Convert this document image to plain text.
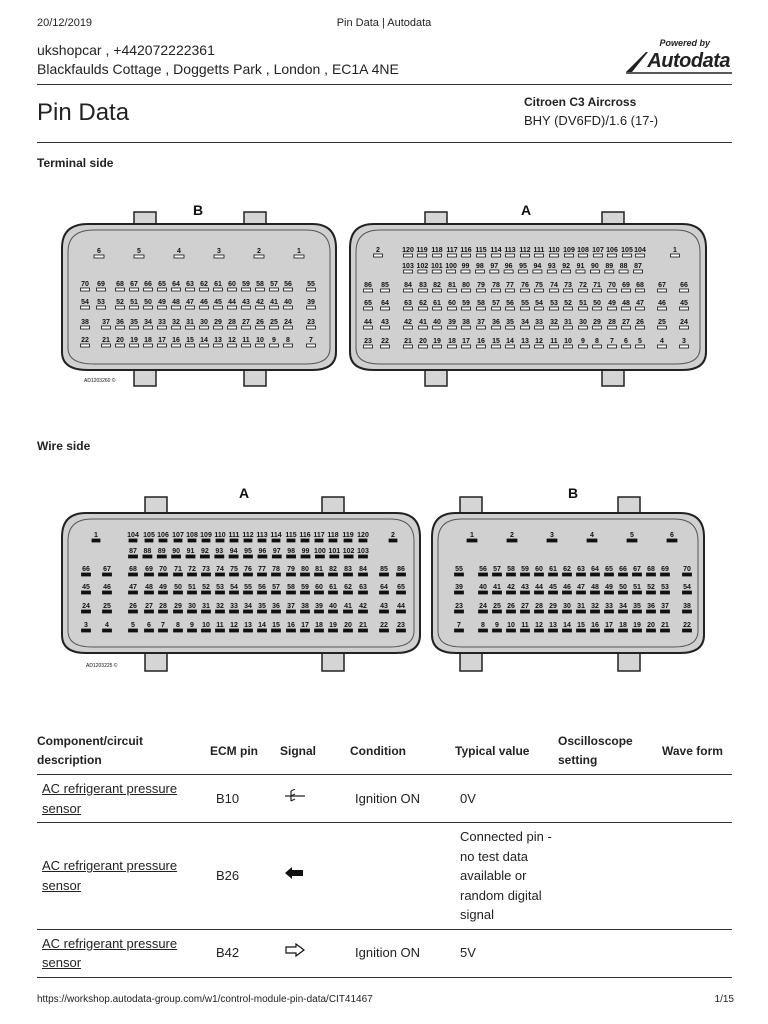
20/12/2019	Pin Data | Autodata
ukshopcar , +442072222361
Blackfaulds Cottage , Doggetts Park , London , EC1A 4NE
Powered by
Autodata
Pin Data	Citroen C3 Aircross
BHY (DV6FD)/1.6 (17-)
Terminal side
B	A
AD1203260 ©
6	5	4	3	2	1
70 69 68 67 66 65 64 63 62 61 60 59 58 57 56 55
54 53 52 51 50 49 48 47 46 45 44 43 42 41 40 39
38 37 36 35 34 33 32 31 30 29 28 27 26 25 24 23
22 21 20 19 18 17 16 15 14 13 12 11 10 9 8	7
2	120 119 118 117 116 115 114 113 112 111 110 109 108 107 106 105 104	1
103 102 101 100 99 98 97 96 95 94 93 92 91 90 89 88 87
86 85 84 83 82 81 80 79 78 77 76 75 74 73 72 71 70 69 68 67 66
65 64 63 62 61 60 59 58 57 56 55 54 53 52 51 50 49 48 47 46 45
44 43 42 41 40 39 38 37 36 35 34 33 32 31 30 29 28 27 26 25 24
23 22 21 20 19 18 17 16 15 14 13 12 11 10 9 8 7 6 5	4	3
Wire side
A	B
AD1203225 ©
1	104 105 106 107 108 109 110 111 112 113 114 115 116 117 118 119 120	2
87 88 89 90 91 92 93 94 95 96 97 98 99 100 101 102 103
66 67	68 69 70 71 72 73 74 75 76 77 78 79 80 81 82 83 84 85 86
45 46	47 48 49 50 51 52 53 54 55 56 57 58 59 60 61 62 63 64 65
24 25	26 27 28 29 30 31 32 33 34 35 36 37 38 39 40 41 42 43 44
3 4	5 6 7 8 9 10 11 12 13 14 15 16 17 18 19 20 21 22 23
1	2	3	4	5	6
55 56 57 58 59 60 61 62 63 64 65 66 67 68 69 70
39 40 41 42 43 44 45 46 47 48 49 50 51 52 53 54
23 24 25 26 27 28 29 30 31 32 33 34 35 36 37 38
7	8 9 10 11 12 13 14 15 16 17 18 19 20 21 22
Component/circuit description	ECM pin	Signal	Condition	Typical value	Oscilloscope setting	Wave form
AC refrigerant pressure sensor	B10		Ignition ON	0V		
AC refrigerant pressure sensor	B26			Connected pin - no test data available or random digital signal		
AC refrigerant pressure sensor	B42		Ignition ON	5V		
https://workshop.autodata-group.com/w1/control-module-pin-data/CIT41467	1/15
